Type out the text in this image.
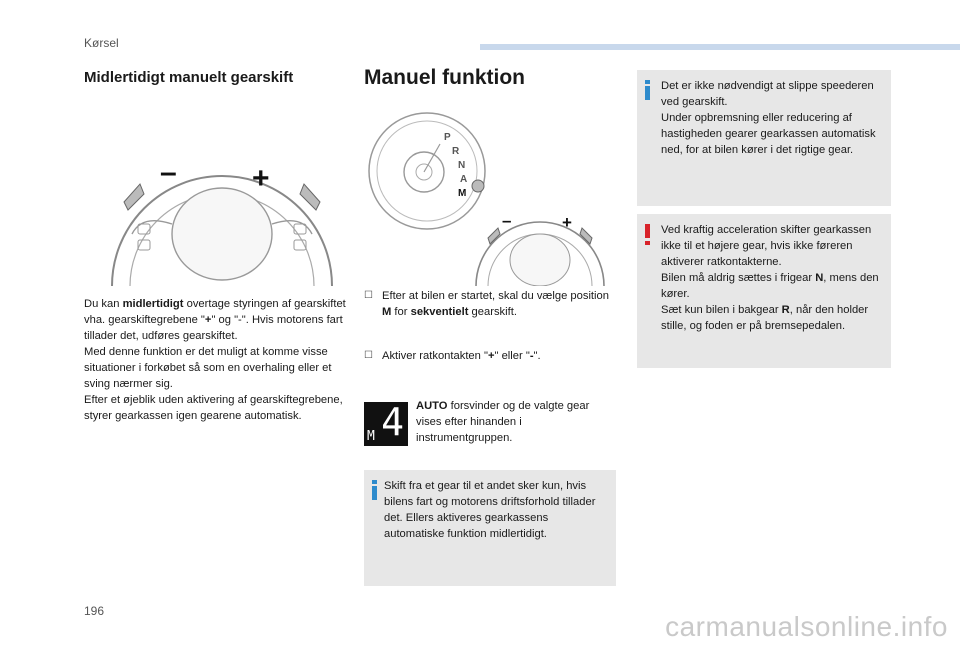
Kørsel
Midlertidigt manuelt gearskift
–	+
Du kan midlertidigt overtage styringen af gearskiftet vha. gearskiftegrebene "+" og "-". Hvis motorens fart tillader det, udføres gearskiftet.
Med denne funktion er det muligt at komme visse situationer i forkøbet så som en overhaling eller et sving nærmer sig.
Efter et øjeblik uden aktivering af gearskiftegrebene, styrer gearkassen igen gearene automatisk.
Manuel funktion
P
R
N
A
M
–	+
☐ Efter at bilen er startet, skal du vælge position M for sekventielt gearskift.
☐ Aktiver ratkontakten "+" eller "-".
4
M
AUTO forsvinder og de valgte gear vises efter hinanden i instrumentgruppen.
Skift fra et gear til et andet sker kun, hvis bilens fart og motorens driftsforhold tillader det. Ellers aktiveres gearkassens automatiske funktion midlertidigt.
Det er ikke nødvendigt at slippe speederen ved gearskift.
Under opbremsning eller reducering af hastigheden gearer gearkassen automatisk ned, for at bilen kører i det rigtige gear.
Ved kraftig acceleration skifter gearkassen ikke til et højere gear, hvis ikke føreren aktiverer ratkontakterne.
Bilen må aldrig sættes i frigear N, mens den kører.
Sæt kun bilen i bakgear R, når den holder stille, og foden er på bremsepedalen.
196	carmanualsonline.info
